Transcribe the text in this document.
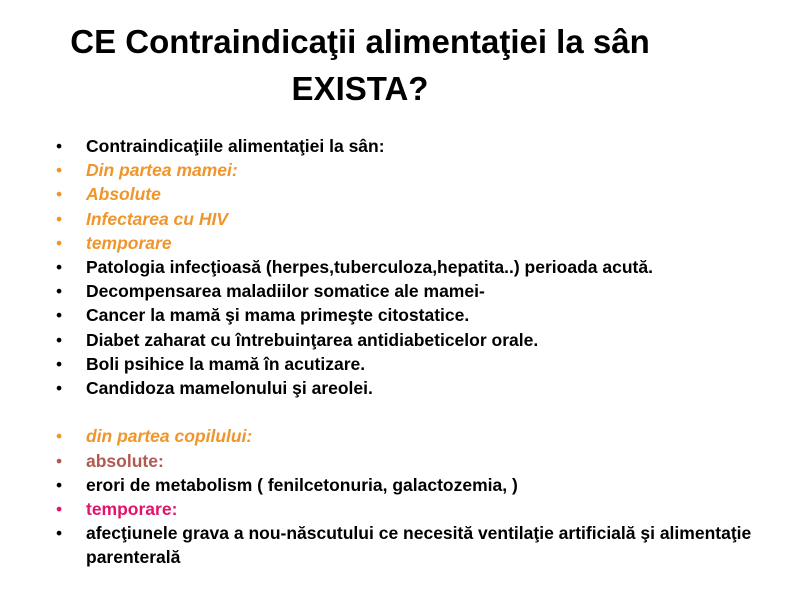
CE Contraindicaţii alimentaţiei la sân
EXISTA?
• Contraindicaţiile alimentaţiei la sân:
• Din partea mamei:
• Absolute
• Infectarea cu HIV
• temporare
• Patologia infecţioasă (herpes,tuberculoza,hepatita..) perioada acută.
• Decompensarea maladiilor somatice ale mamei-
• Cancer la mamă şi mama primeşte citostatice.
• Diabet zaharat cu întrebuinţarea antidiabeticelor orale.
• Boli psihice la mamă în acutizare.
• Candidoza mamelonului şi areolei.
• din partea copilului:
• absolute:
• erori de metabolism ( fenilcetonuria, galactozemia, )
• temporare:
• afecţiunele grava a nou-născutului ce necesită ventilaţie artificială şi alimentaţie parenterală
